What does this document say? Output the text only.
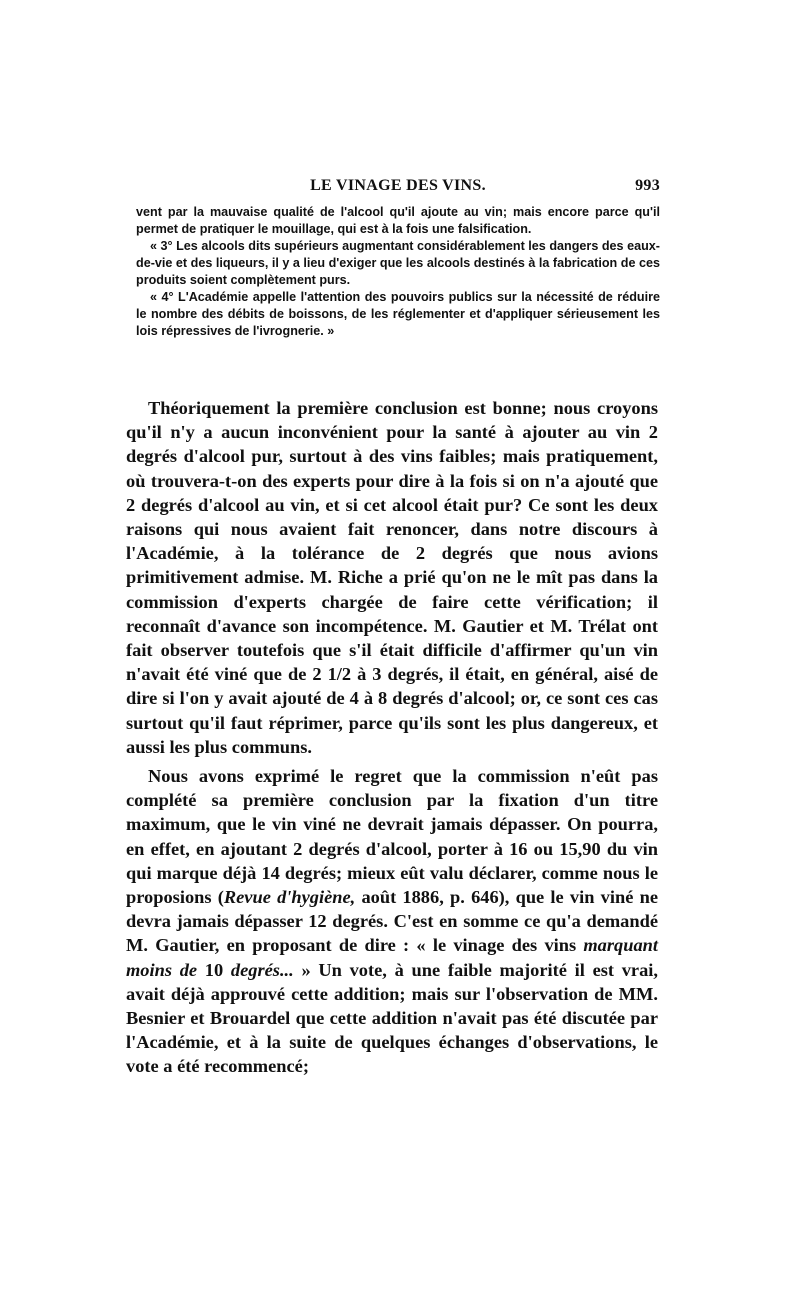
LE VINAGE DES VINS.	993

vent par la mauvaise qualité de l'alcool qu'il ajoute au vin; mais encore parce qu'il permet de pratiquer le mouillage, qui est à la fois une falsification.

« 3° Les alcools dits supérieurs augmentant considérablement les dangers des eaux-de-vie et des liqueurs, il y a lieu d'exiger que les alcools destinés à la fabrication de ces produits soient complètement purs.

« 4° L'Académie appelle l'attention des pouvoirs publics sur la nécessité de réduire le nombre des débits de boissons, de les réglementer et d'appliquer sérieusement les lois répressives de l'ivrognerie. »

Théoriquement la première conclusion est bonne; nous croyons qu'il n'y a aucun inconvénient pour la santé à ajouter au vin 2 degrés d'alcool pur, surtout à des vins faibles; mais pratiquement, où trouvera-t-on des experts pour dire à la fois si on n'a ajouté que 2 degrés d'alcool au vin, et si cet alcool était pur? Ce sont les deux raisons qui nous avaient fait renoncer, dans notre discours à l'Académie, à la tolérance de 2 degrés que nous avions primitivement admise. M. Riche a prié qu'on ne le mît pas dans la commission d'experts chargée de faire cette vérification; il reconnaît d'avance son incompétence. M. Gautier et M. Trélat ont fait observer toutefois que s'il était difficile d'affirmer qu'un vin n'avait été viné que de 2 1/2 à 3 degrés, il était, en général, aisé de dire si l'on y avait ajouté de 4 à 8 degrés d'alcool; or, ce sont ces cas surtout qu'il faut réprimer, parce qu'ils sont les plus dangereux, et aussi les plus communs.

Nous avons exprimé le regret que la commission n'eût pas complété sa première conclusion par la fixation d'un titre maximum, que le vin viné ne devrait jamais dépasser. On pourra, en effet, en ajoutant 2 degrés d'alcool, porter à 16 ou 15,90 du vin qui marque déjà 14 degrés; mieux eût valu déclarer, comme nous le proposions (Revue d'hygiène, août 1886, p. 646), que le vin viné ne devra jamais dépasser 12 degrés. C'est en somme ce qu'a demandé M. Gautier, en proposant de dire : « le vinage des vins marquant moins de 10 degrés... » Un vote, à une faible majorité il est vrai, avait déjà approuvé cette addition; mais sur l'observation de MM. Besnier et Brouardel que cette addition n'avait pas été discutée par l'Académie, et à la suite de quelques échanges d'observations, le vote a été recommencé;
